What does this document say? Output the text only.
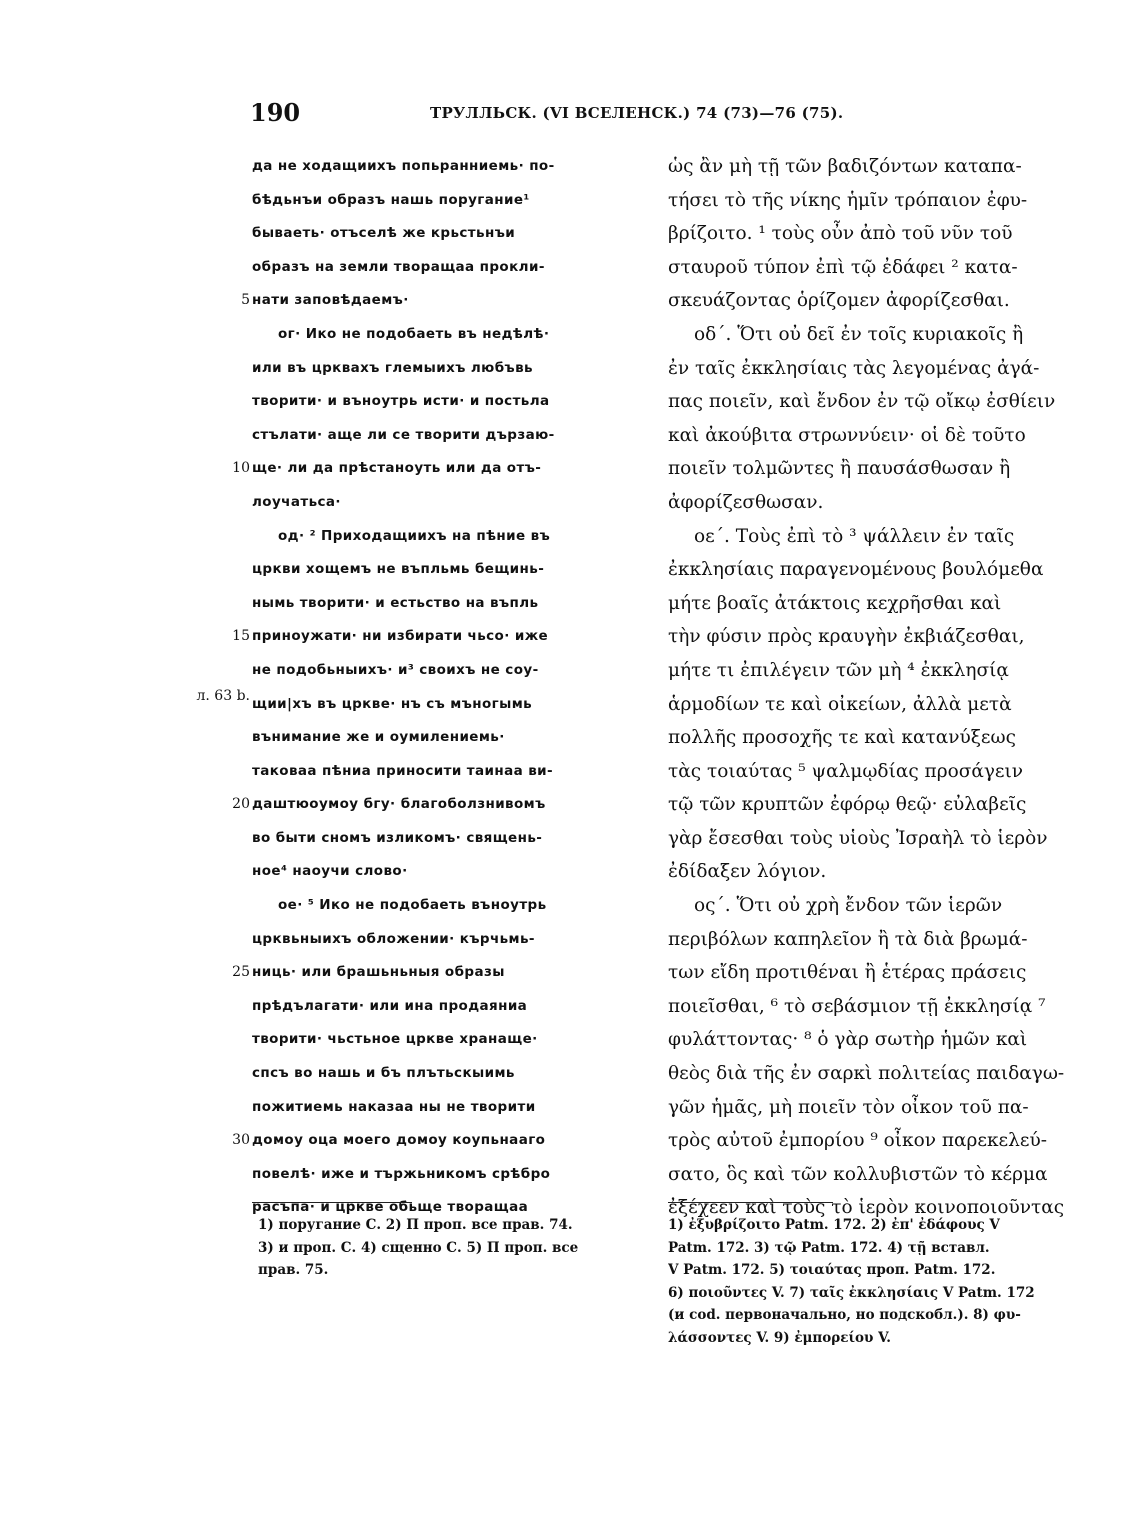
190	ТРУЛЛЬСК. (VI ВСЕЛЕНСК.) 74 (73)—76 (75).
5
10
15
20
25
30
л. 63 b.
да не ходащиихъ попьранниемь· по-
бѣдьнъи образъ нашь поругание¹
бываеть· отъселѣ же крьстьнъи
образъ на земли творащаа прокли-
нати заповѣдаемъ·
ог· Ико не подобаеть въ недѣлѣ·
или въ црквахъ глемыихъ любъвь
творити· и въноутрь исти· и постьла
стълати· аще ли се творити дързаю-
ще· ли да прѣстаноуть или да отъ-
лоучатьса·
од· ² Приходащиихъ на пѣние въ
цркви хощемъ не въпльмь бещинь-
нымь творити· и естьство на въпль
приноужати· ни избирати чьсо· иже
не подобьныихъ· и³ своихъ не соу-
щии|хъ въ цркве· нъ съ мъногымь
вънимание же и оумилениемь·
таковаа пѣниа приносити таинаа ви-
даштюоумоу бгу· благоболзнивомъ
во быти сномъ изликомъ· священь-
ное⁴ наоучи слово·
ое· ⁵ Ико не подобаеть въноутрь
црквьныихъ обложении· кърчьмь-
ниць· или брашьньныя образы
прѣдълагати· или ина продаяниа
творити· чьстьное цркве хранаще·
спсъ во нашь и бъ плътьскыимь
пожитиемь наказаа ны не творити
домоу оца моего домоу коупьнааго
повелѣ· иже и тържьникомъ срѣбро
расъпа· и цркве обьще творащаа
ὡς ἂν μὴ τῇ τῶν βαδιζόντων καταπα-
τήσει τὸ τῆς νίκης ἡμῖν τρόπαιον ἐφυ-
βρίζοιτο. ¹ τοὺς οὖν ἀπὸ τοῦ νῦν τοῦ
σταυροῦ τύπον ἐπὶ τῷ ἐδάφει ² κατα-
σκευάζοντας ὁρίζομεν ἀφορίζεσθαι.
οδ΄. Ὅτι οὐ δεῖ ἐν τοῖς κυριακοῖς ἢ
ἐν ταῖς ἐκκλησίαις τὰς λεγομένας ἀγά-
πας ποιεῖν, καὶ ἔνδον ἐν τῷ οἴκῳ ἐσθίειν
καὶ ἀκούβιτα στρωννύειν· οἱ δὲ τοῦτο
ποιεῖν τολμῶντες ἢ παυσάσθωσαν ἢ
ἀφορίζεσθωσαν.
οε΄. Τοὺς ἐπὶ τὸ ³ ψάλλειν ἐν ταῖς
ἐκκλησίαις παραγενομένους βουλόμεθα
μήτε βοαῖς ἀτάκτοις κεχρῆσθαι καὶ
τὴν φύσιν πρὸς κραυγὴν ἐκβιάζεσθαι,
μήτε τι ἐπιλέγειν τῶν μὴ ⁴ ἐκκλησίᾳ
ἁρμοδίων τε καὶ οἰκείων, ἀλλὰ μετὰ
πολλῆς προσοχῆς τε καὶ κατανύξεως
τὰς τοιαύτας ⁵ ψαλμῳδίας προσάγειν
τῷ τῶν κρυπτῶν ἐφόρῳ θεῷ· εὐλαβεῖς
γὰρ ἔσεσθαι τοὺς υἱοὺς Ἰσραὴλ τὸ ἱερὸν
ἐδίδαξεν λόγιον.
ος΄. Ὅτι οὐ χρὴ ἔνδον τῶν ἱερῶν
περιβόλων καπηλεῖον ἢ τὰ διὰ βρωμά-
των εἴδη προτιθέναι ἢ ἑτέρας πράσεις
ποιεῖσθαι, ⁶ τὸ σεβάσμιον τῇ ἐκκλησίᾳ ⁷
φυλάττοντας· ⁸ ὁ γὰρ σωτὴρ ἡμῶν καὶ
θεὸς διὰ τῆς ἐν σαρκὶ πολιτείας παιδαγω-
γῶν ἡμᾶς, μὴ ποιεῖν τὸν οἶκον τοῦ πα-
τρὸς αὐτοῦ ἐμπορίου ⁹ οἶκον παρεκελεύ-
σατο, ὃς καὶ τῶν κολλυβιστῶν τὸ κέρμα
ἐξέχεεν καὶ τοὺς τὸ ἱερὸν κοινοποιοῦντας
1) поругание С. 2) П проп. все прав. 74.
3) и проп. С. 4) сщенно С. 5) П проп. все
прав. 75.
1) ἐξυβρίζοιτο Patm. 172. 2) ἐπ' ἐδάφους V
Patm. 172. 3) τῷ Patm. 172. 4) τῇ вставл.
V Patm. 172. 5) τοιαύτας проп. Patm. 172.
6) ποιοῦντες V. 7) ταῖς ἐκκλησίαις V Patm. 172
(и cod. первоначально, но подскобл.). 8) φυ-
λάσσοντες V. 9) ἐμπορείου V.
